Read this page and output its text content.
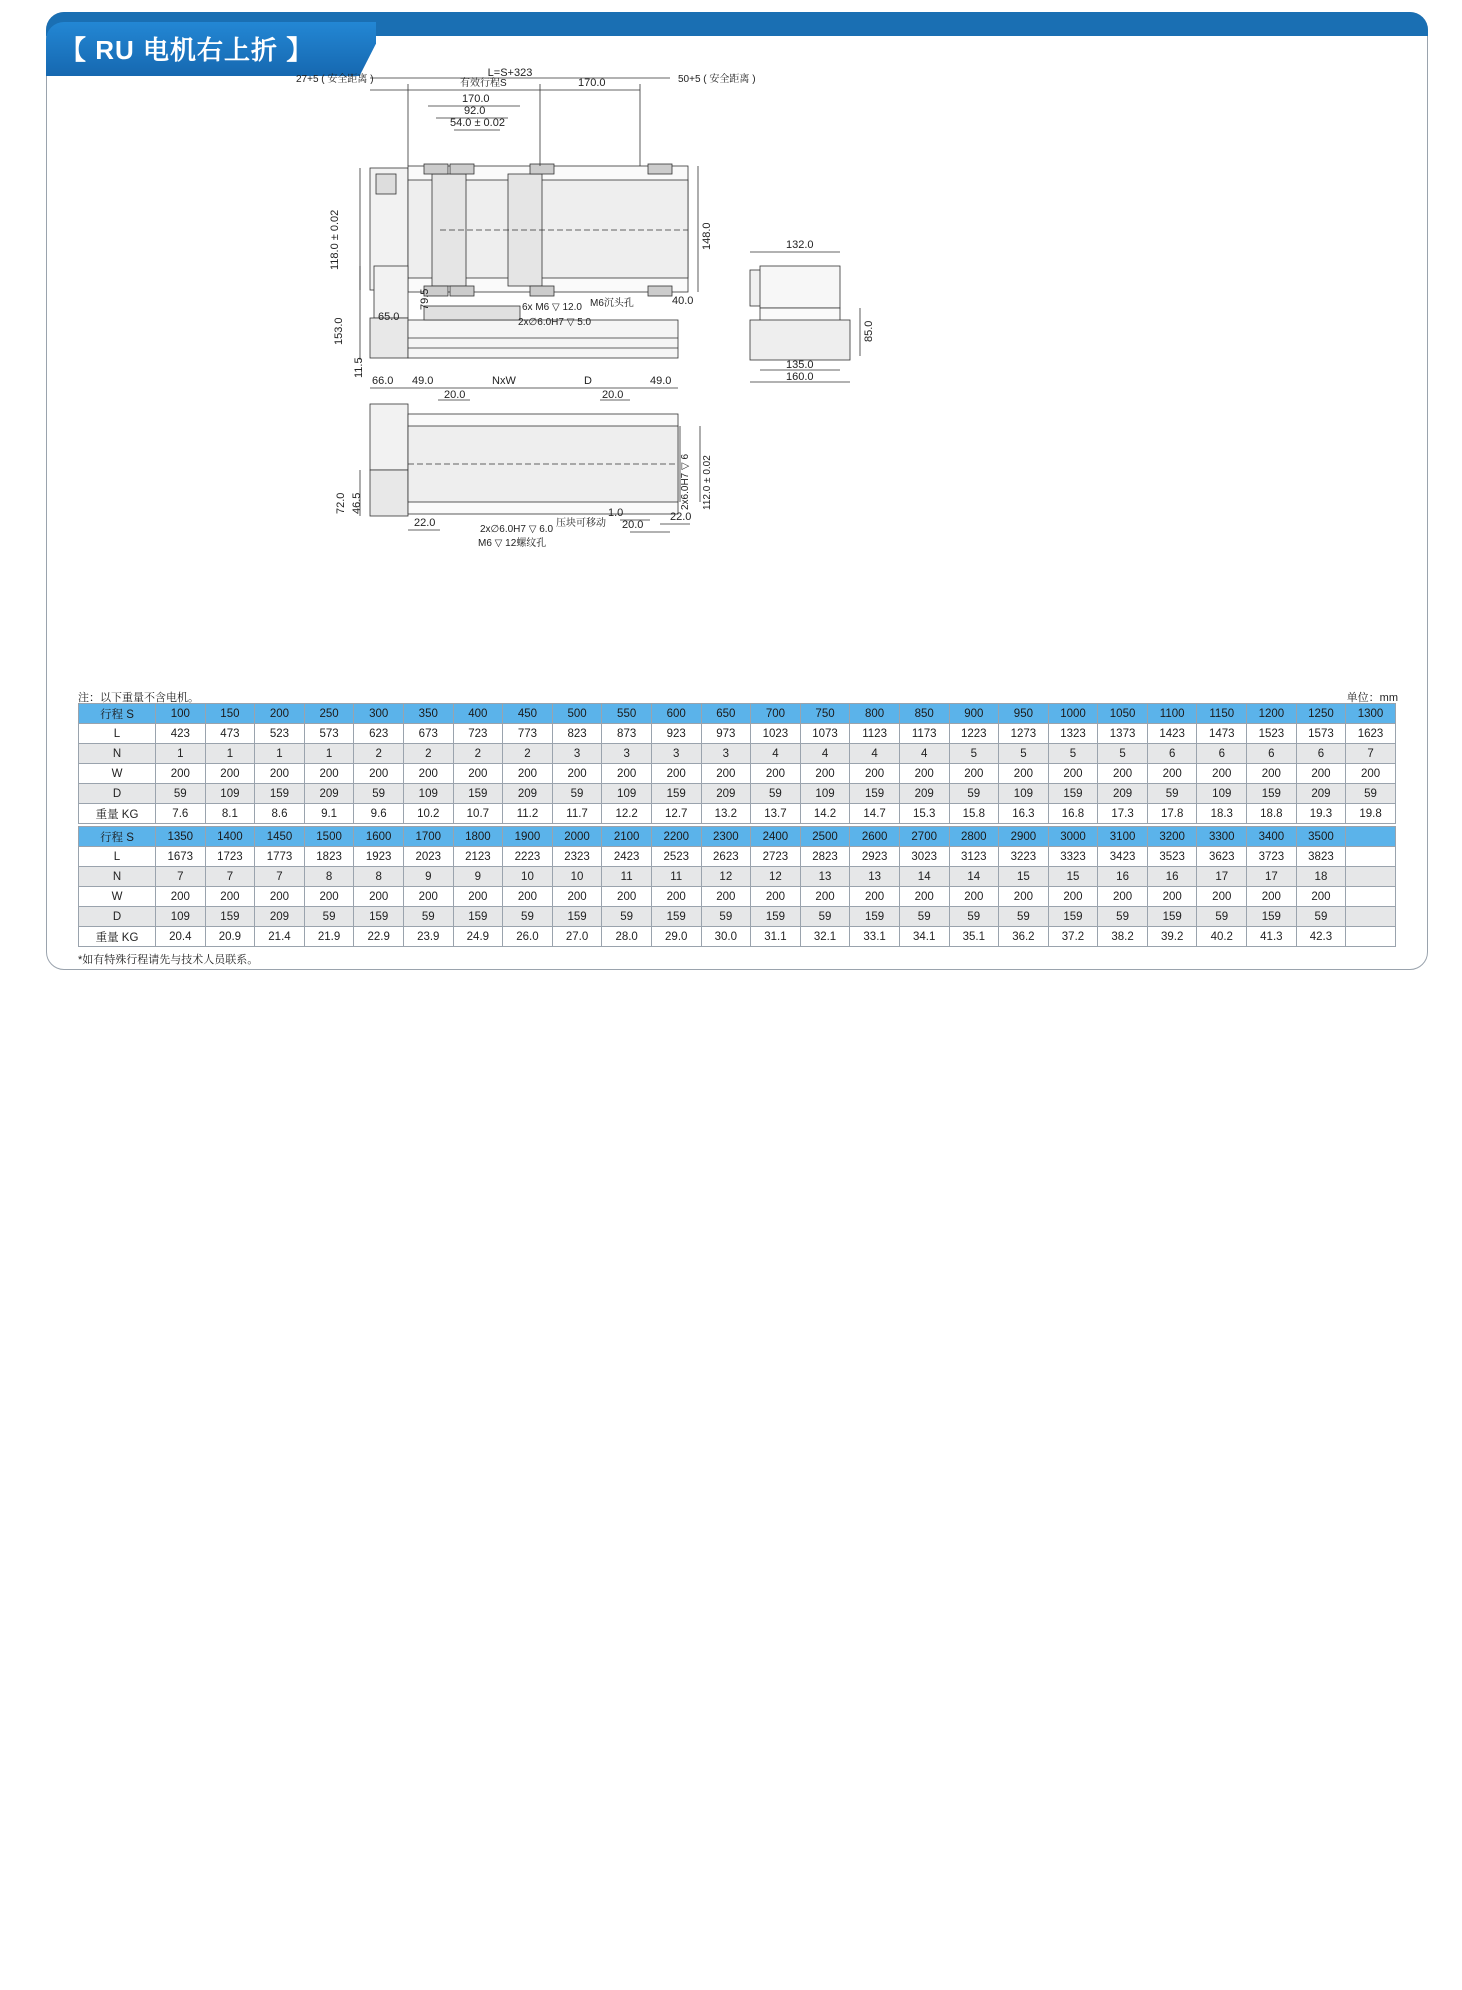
【 RU 电机右上折 】
L=S+323
27+5 ( 安全距离 )	有效行程S	170.0	50+5 ( 安全距离 )
170.0
92.0
54.0 ± 0.02
118.0 ± 0.02	148.0
6x M6 ▽ 12.0 M6沉头孔
2x∅6.0H7 ▽ 5.0
40.0
65.0
153.0
79.5
11.5
132.0
85.0
135.0
160.0
66.0 49.0	NxW	D	49.0
20.0	20.0
2x6.0H7 ▽ 6 112.0 ± 0.02
72.0 46.5
22.0
1.0
20.0
22.0
2x∅6.0H7 ▽ 6.0
压块可移动
M6 ▽ 12螺纹孔
注：以下重量不含电机。	单位：mm
行程 S	100	150	200	250	300	350	400	450	500	550	600	650	700	750	800	850	900	950	1000	1050	1100	1150	1200	1250	1300
L	423	473	523	573	623	673	723	773	823	873	923	973	1023	1073	1123	1173	1223	1273	1323	1373	1423	1473	1523	1573	1623
N	1	1	1	1	2	2	2	2	3	3	3	3	4	4	4	4	5	5	5	5	6	6	6	6	7
W	200	200	200	200	200	200	200	200	200	200	200	200	200	200	200	200	200	200	200	200	200	200	200	200	200
D	59	109	159	209	59	109	159	209	59	109	159	209	59	109	159	209	59	109	159	209	59	109	159	209	59
重量 KG	7.6	8.1	8.6	9.1	9.6	10.2	10.7	11.2	11.7	12.2	12.7	13.2	13.7	14.2	14.7	15.3	15.8	16.3	16.8	17.3	17.8	18.3	18.8	19.3	19.8
行程 S	1350	1400	1450	1500	1600	1700	1800	1900	2000	2100	2200	2300	2400	2500	2600	2700	2800	2900	3000	3100	3200	3300	3400	3500	
L	1673	1723	1773	1823	1923	2023	2123	2223	2323	2423	2523	2623	2723	2823	2923	3023	3123	3223	3323	3423	3523	3623	3723	3823	
N	7	7	7	8	8	9	9	10	10	11	11	12	12	13	13	14	14	15	15	16	16	17	17	18	
W	200	200	200	200	200	200	200	200	200	200	200	200	200	200	200	200	200	200	200	200	200	200	200	200	
D	109	159	209	59	159	59	159	59	159	59	159	59	159	59	159	59	59	59	159	59	159	59	159	59	
重量 KG	20.4	20.9	21.4	21.9	22.9	23.9	24.9	26.0	27.0	28.0	29.0	30.0	31.1	32.1	33.1	34.1	35.1	36.2	37.2	38.2	39.2	40.2	41.3	42.3	
*如有特殊行程请先与技术人员联系。
